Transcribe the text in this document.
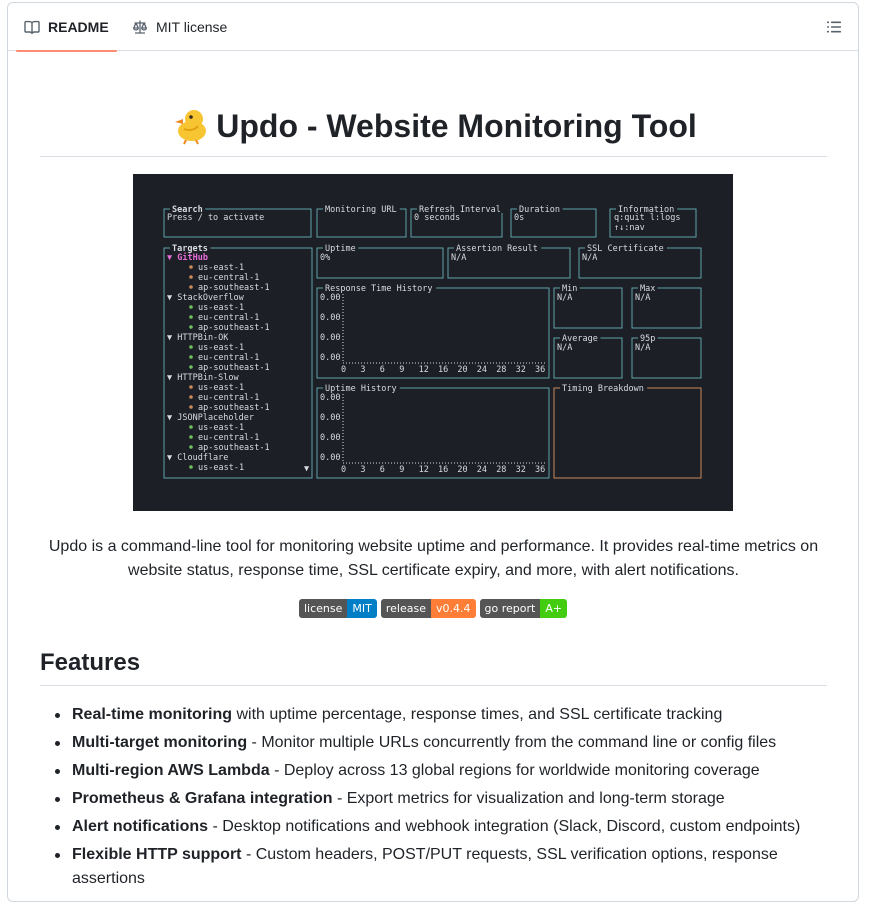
README	MIT license
Updo - Website Monitoring Tool
Search
Press / to activate
Monitoring URL	Refresh Interval
0 seconds
Duration
0s
Information
q:quit l:logs
↑↓:nav
Targets
▼ GitHub
us-east-1
eu-central-1
ap-southeast-1
▼ StackOverflow
us-east-1
eu-central-1
ap-southeast-1
▼ HTTPBin-OK
us-east-1
eu-central-1
ap-southeast-1
▼ HTTPBin-Slow
us-east-1
eu-central-1
ap-southeast-1
▼ JSONPlaceholder
us-east-1
eu-central-1
ap-southeast-1
▼ Cloudflare
us-east-1	▼
Uptime
0%
Assertion Result
N/A
SSL Certificate
N/A
Response Time History
0.00
0.00
0.00
0.00
0 3 6 9 12 16 20 24 28 32 36
Uptime History
0.00
0.00
0.00
0.00
0 3 6 9 12 16 20 24 28 32 36
Min
N/A
Max
N/A
Average
N/A
95p
N/A
Timing Breakdown

Updo is a command-line tool for monitoring website uptime and performance. It provides real-time metrics on website status, response time, SSL certificate expiry, and more, with alert notifications.

license MIT	release v0.4.4	go report A+
Features
Real-time monitoring with uptime percentage, response times, and SSL certificate tracking
Multi-target monitoring - Monitor multiple URLs concurrently from the command line or config files
Multi-region AWS Lambda - Deploy across 13 global regions for worldwide monitoring coverage
Prometheus & Grafana integration - Export metrics for visualization and long-term storage
Alert notifications - Desktop notifications and webhook integration (Slack, Discord, custom endpoints)
Flexible HTTP support - Custom headers, POST/PUT requests, SSL verification options, response assertions
